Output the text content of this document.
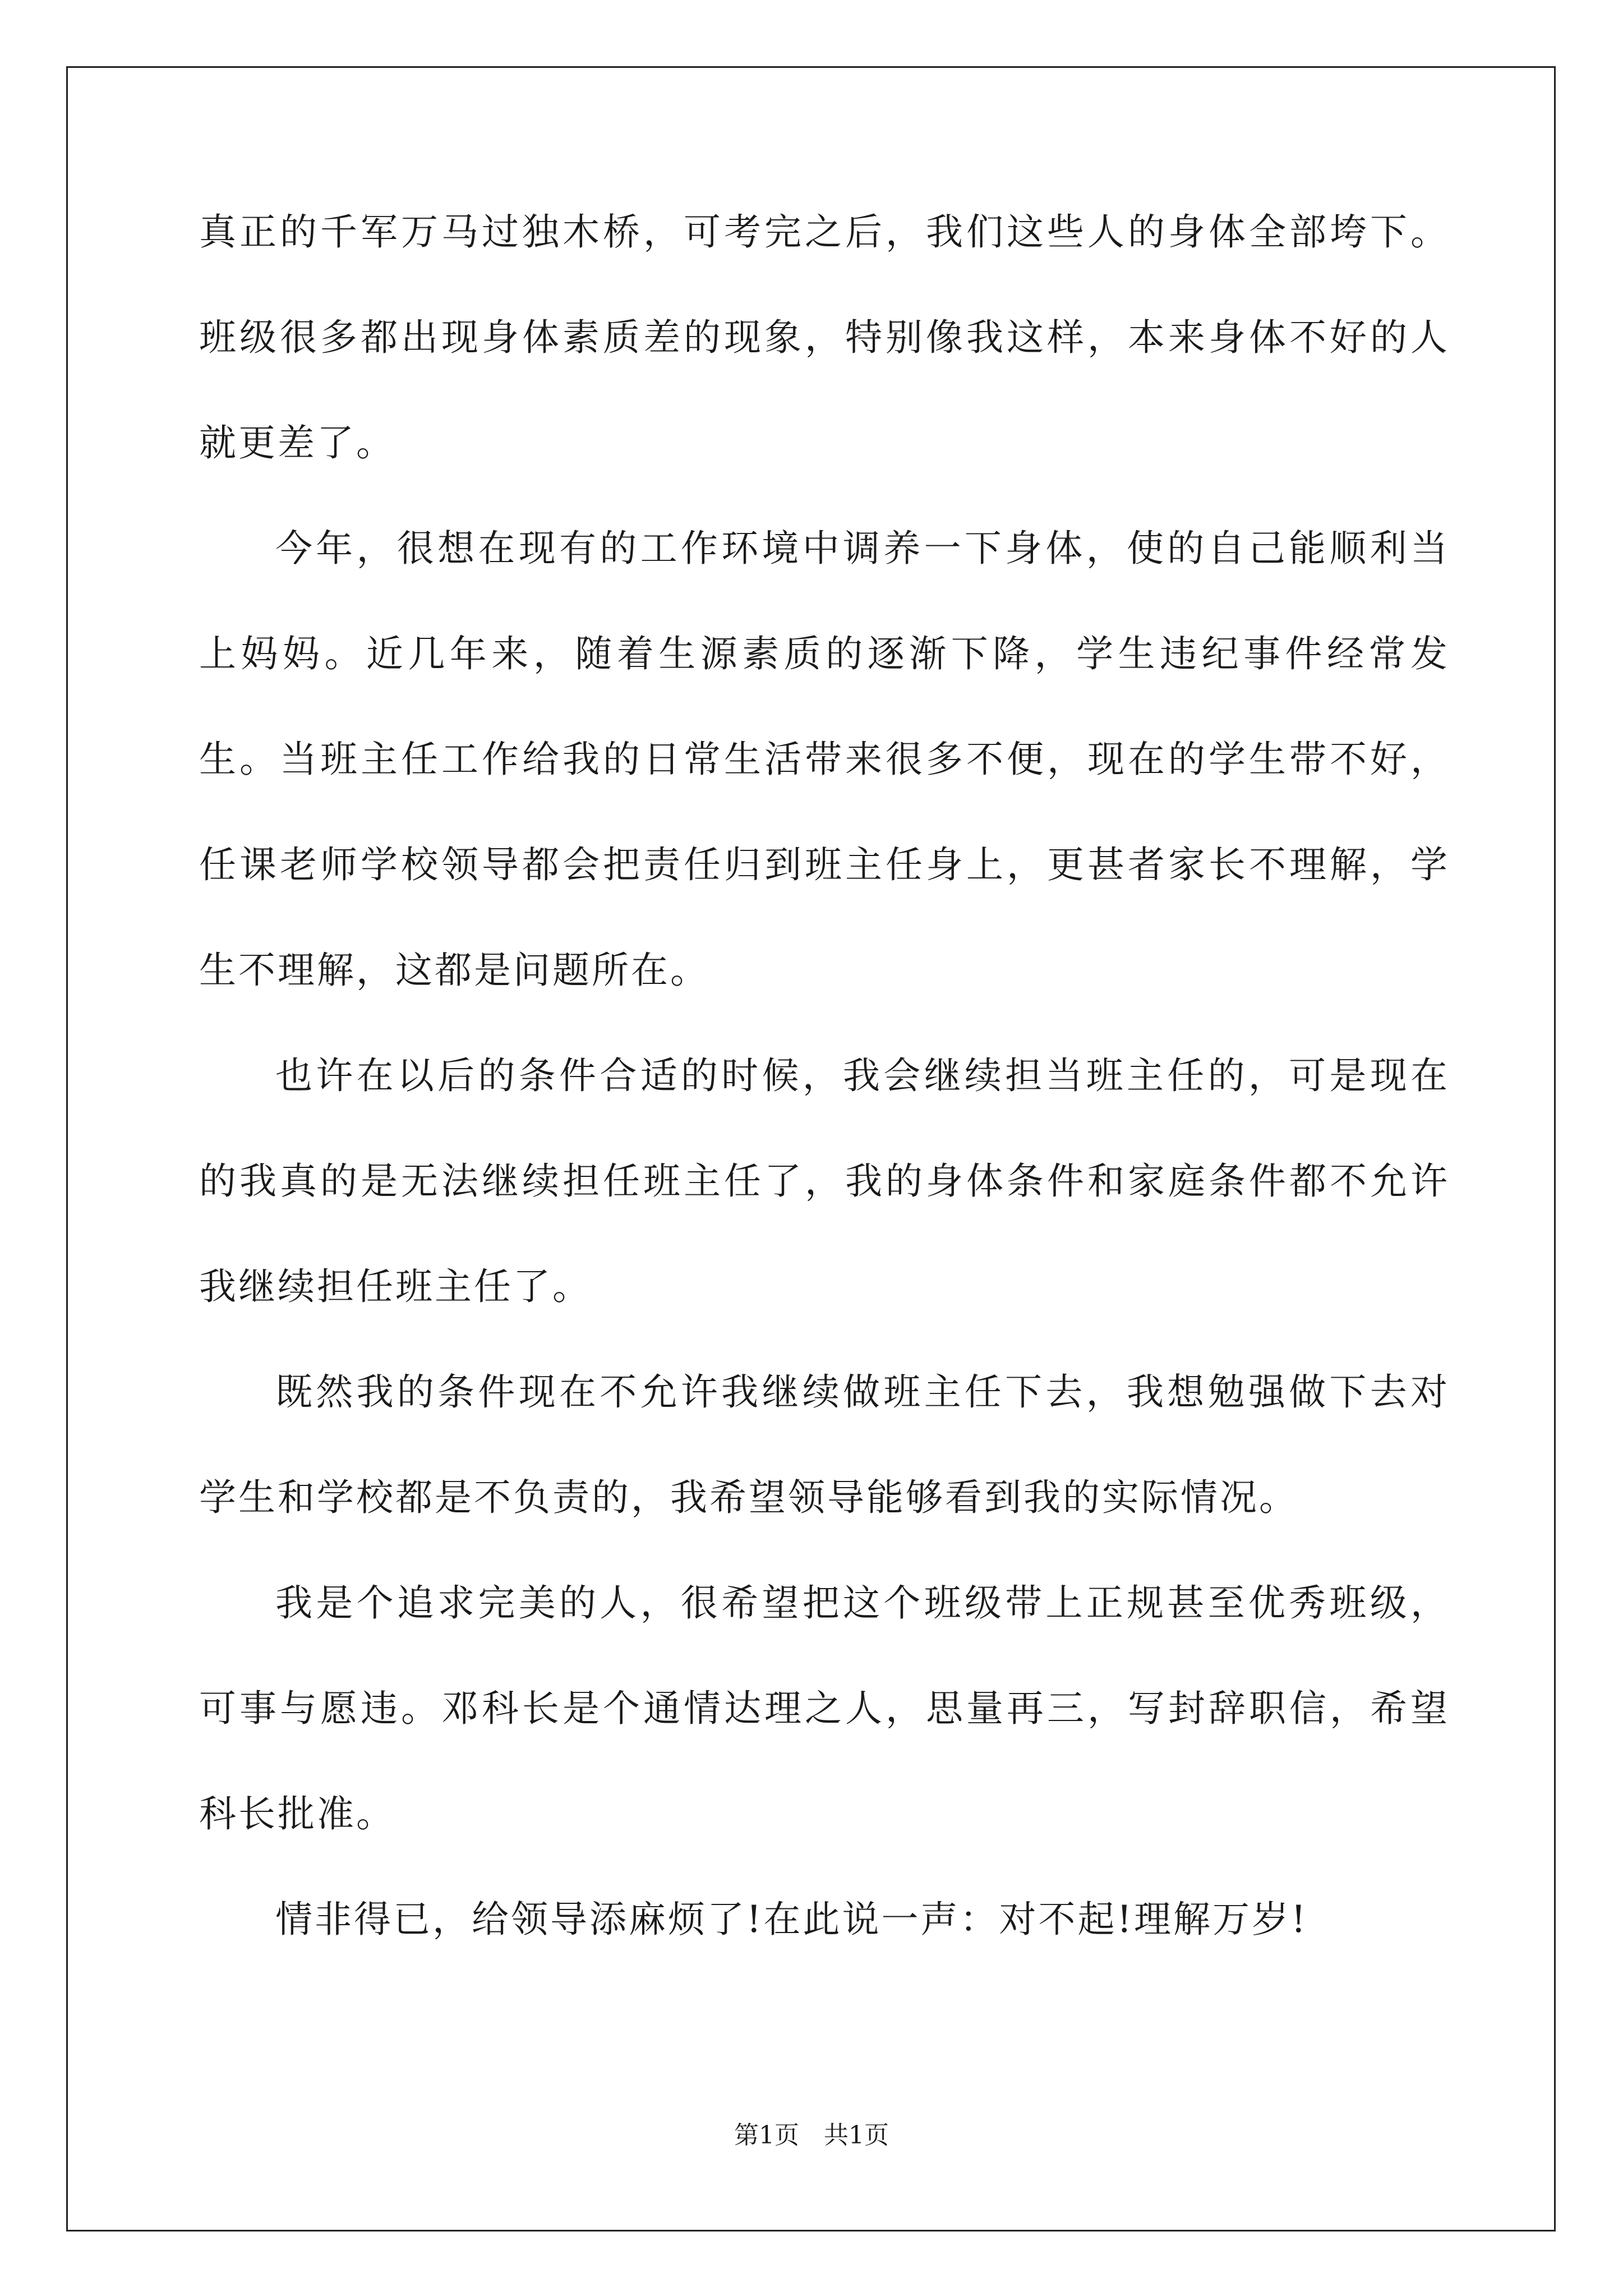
真正的千军万马过独木桥，可考完之后，我们这些人的身体全部垮下。班级很多都出现身体素质差的现象，特别像我这样，本来身体不好的人就更差了。

今年，很想在现有的工作环境中调养一下身体，使的自己能顺利当上妈妈。近几年来，随着生源素质的逐渐下降，学生违纪事件经常发生。当班主任工作给我的日常生活带来很多不便，现在的学生带不好，任课老师学校领导都会把责任归到班主任身上，更甚者家长不理解，学生不理解，这都是问题所在。

也许在以后的条件合适的时候，我会继续担当班主任的，可是现在的我真的是无法继续担任班主任了，我的身体条件和家庭条件都不允许我继续担任班主任了。

既然我的条件现在不允许我继续做班主任下去，我想勉强做下去对学生和学校都是不负责的，我希望领导能够看到我的实际情况。

我是个追求完美的人，很希望把这个班级带上正规甚至优秀班级，可事与愿违。邓科长是个通情达理之人，思量再三，写封辞职信，希望科长批准。

情非得已，给领导添麻烦了!在此说一声：对不起!理解万岁!

第1页　共1页
